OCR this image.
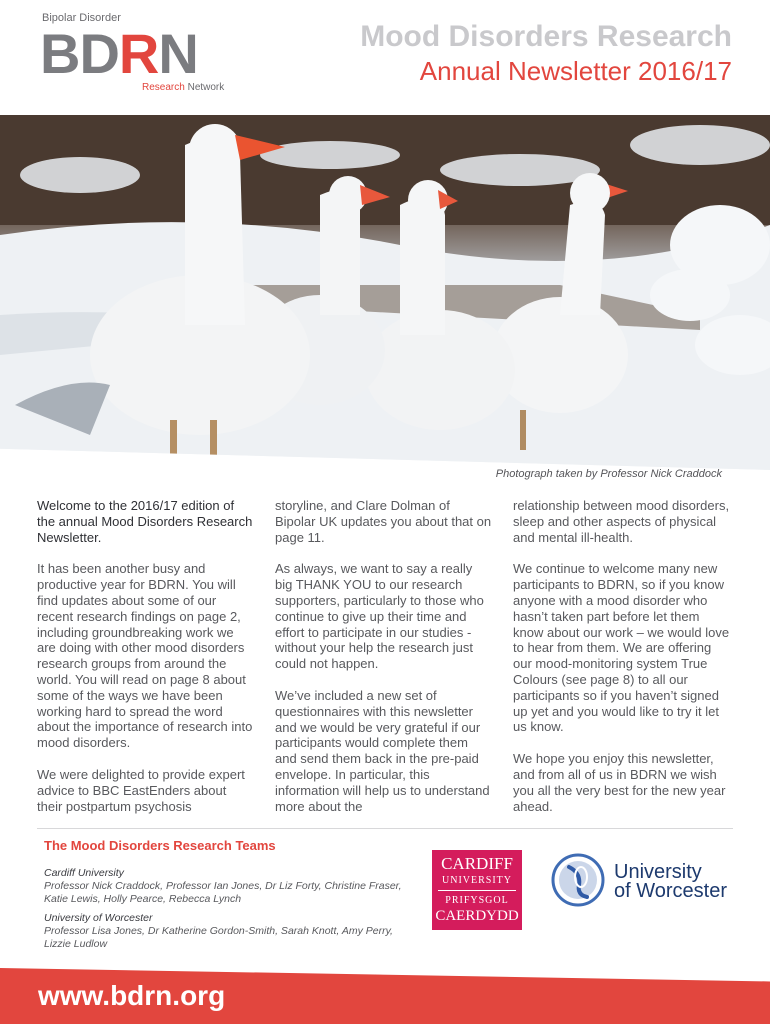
Bipolar Disorder
BDRN
Research Network
Mood Disorders Research
Annual Newsletter 2016/17
Photograph taken by Professor Nick Craddock

Welcome to the 2016/17 edition of the annual Mood Disorders Research Newsletter.

It has been another busy and productive year for BDRN. You will find updates about some of our recent research findings on page 2, including groundbreaking work we are doing with other mood disorders research groups from around the world. You will read on page 8 about some of the ways we have been working hard to spread the word about the importance of research into mood disorders.

We were delighted to provide expert advice to BBC EastEnders about their postpartum psychosis

storyline, and Clare Dolman of Bipolar UK updates you about that on page 11.

As always, we want to say a really big THANK YOU to our research supporters, particularly to those who continue to give up their time and effort to participate in our studies - without your help the research just could not happen.

We’ve included a new set of questionnaires with this newsletter and we would be very grateful if our participants would complete them and send them back in the pre-paid envelope. In particular, this information will help us to understand more about the

relationship between mood disorders, sleep and other aspects of physical and mental ill-health.

We continue to welcome many new participants to BDRN, so if you know anyone with a mood disorder who hasn’t taken part before let them know about our work – we would love to hear from them. We are offering our mood-monitoring system True Colours (see page 8) to all our participants so if you haven’t signed up yet and you would like to try it let us know.

We hope you enjoy this newsletter, and from all of us in BDRN we wish you all the very best for the new year ahead.

The Mood Disorders Research Teams
Cardiff University
Professor Nick Craddock, Professor Ian Jones, Dr Liz Forty, Christine Fraser, Katie Lewis, Holly Pearce, Rebecca Lynch
University of Worcester
Professor Lisa Jones, Dr Katherine Gordon-Smith, Sarah Knott, Amy Perry, Lizzie Ludlow
CARDIFF
UNIVERSITY
PRIFYSGOL
CAERDYDD
University
of Worcester
www.bdrn.org
